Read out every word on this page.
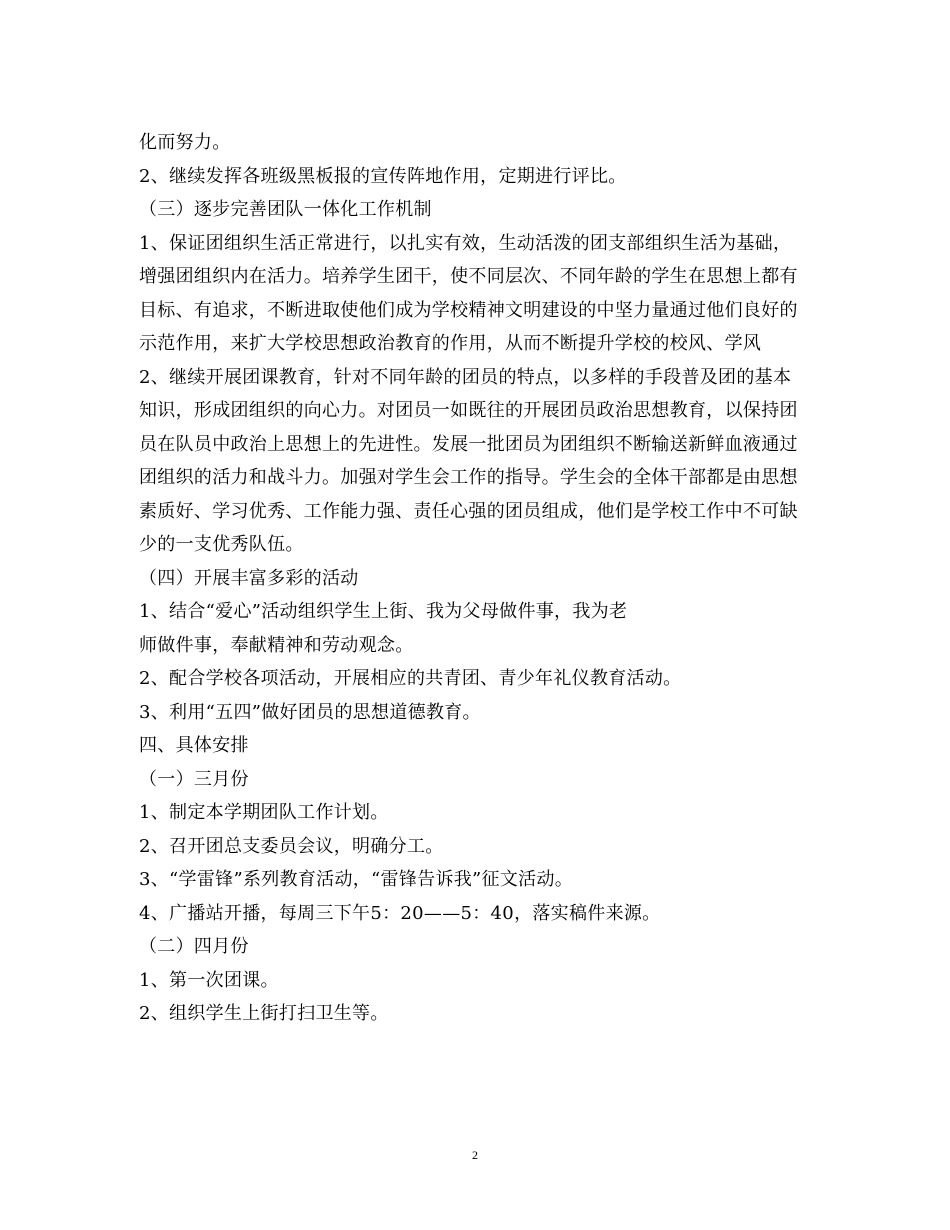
化而努力。
2、继续发挥各班级黑板报的宣传阵地作用，定期进行评比。
（三）逐步完善团队一体化工作机制
1、保证团组织生活正常进行，以扎实有效，生动活泼的团支部组织生活为基础，
增强团组织内在活力。培养学生团干，使不同层次、不同年龄的学生在思想上都有
目标、有追求，不断进取使他们成为学校精神文明建设的中坚力量通过他们良好的
示范作用，来扩大学校思想政治教育的作用，从而不断提升学校的校风、学风
2、继续开展团课教育，针对不同年龄的团员的特点，以多样的手段普及团的基本
知识，形成团组织的向心力。对团员一如既往的开展团员政治思想教育，以保持团
员在队员中政治上思想上的先进性。发展一批团员为团组织不断输送新鲜血液通过
团组织的活力和战斗力。加强对学生会工作的指导。学生会的全体干部都是由思想
素质好、学习优秀、工作能力强、责任心强的团员组成，他们是学校工作中不可缺
少的一支优秀队伍。
（四）开展丰富多彩的活动
1、结合“爱心”活动组织学生上街、我为父母做件事，我为老
师做件事，奉献精神和劳动观念。
2、配合学校各项活动，开展相应的共青团、青少年礼仪教育活动。
3、利用“五四”做好团员的思想道德教育。
四、具体安排
（一）三月份
1、制定本学期团队工作计划。
2、召开团总支委员会议，明确分工。
3、“学雷锋”系列教育活动，“雷锋告诉我”征文活动。
4、广播站开播，每周三下午5：20——5：40，落实稿件来源。
（二）四月份
1、第一次团课。
2、组织学生上街打扫卫生等。
2
